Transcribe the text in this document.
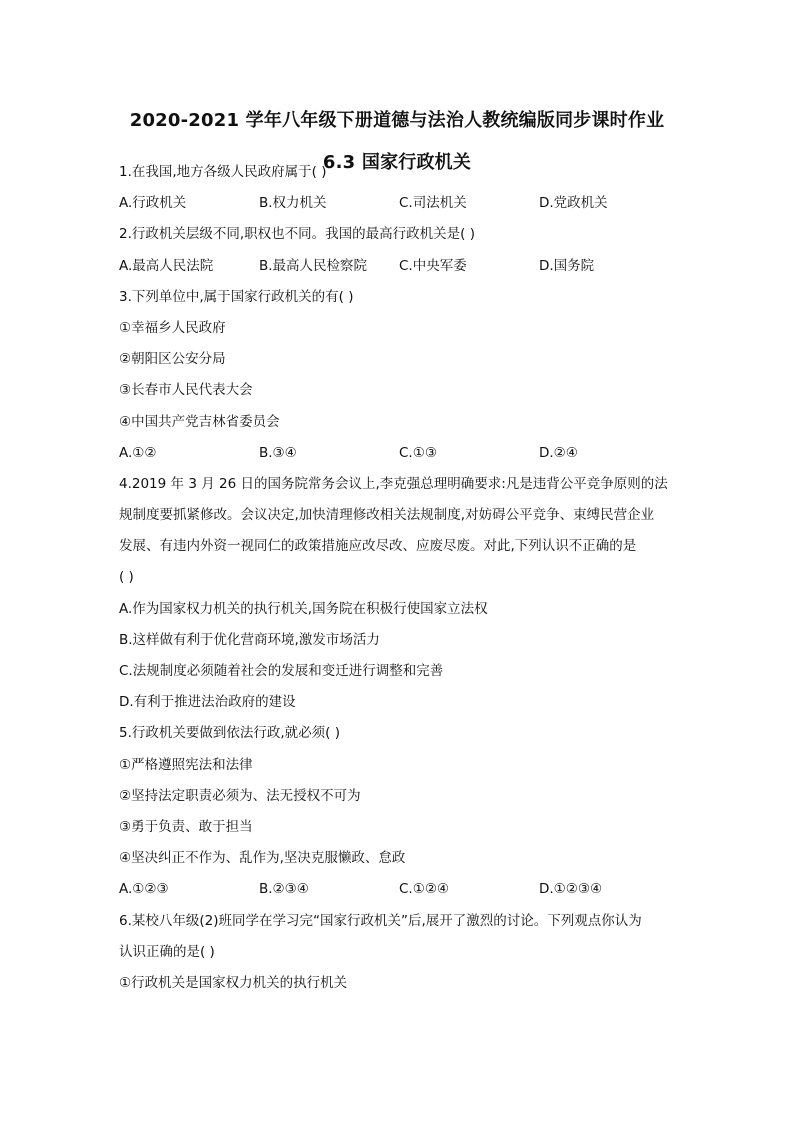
2020-2021 学年八年级下册道德与法治人教统编版同步课时作业
6.3 国家行政机关
1.在我国,地方各级人民政府属于( )
A.行政机关	B.权力机关	C.司法机关	D.党政机关
2.行政机关层级不同,职权也不同。我国的最高行政机关是( )
A.最高人民法院	B.最高人民检察院	C.中央军委	D.国务院
3.下列单位中,属于国家行政机关的有( )
①幸福乡人民政府
②朝阳区公安分局
③长春市人民代表大会
④中国共产党吉林省委员会
A.①②	B.③④	C.①③	D.②④
4.2019 年 3 月 26 日的国务院常务会议上,李克强总理明确要求:凡是违背公平竞争原则的法
规制度要抓紧修改。会议决定,加快清理修改相关法规制度,对妨碍公平竞争、束缚民营企业
发展、有违内外资一视同仁的政策措施应改尽改、应废尽废。对此,下列认识不正确的是
( )
A.作为国家权力机关的执行机关,国务院在积极行使国家立法权
B.这样做有利于优化营商环境,激发市场活力
C.法规制度必须随着社会的发展和变迁进行调整和完善
D.有利于推进法治政府的建设
5.行政机关要做到依法行政,就必须( )
①严格遵照宪法和法律
②坚持法定职责必须为、法无授权不可为
③勇于负责、敢于担当
④坚决纠正不作为、乱作为,坚决克服懒政、怠政
A.①②③	B.②③④	C.①②④	D.①②③④
6.某校八年级(2)班同学在学习完“国家行政机关”后,展开了激烈的讨论。下列观点你认为
认识正确的是( )
①行政机关是国家权力机关的执行机关
